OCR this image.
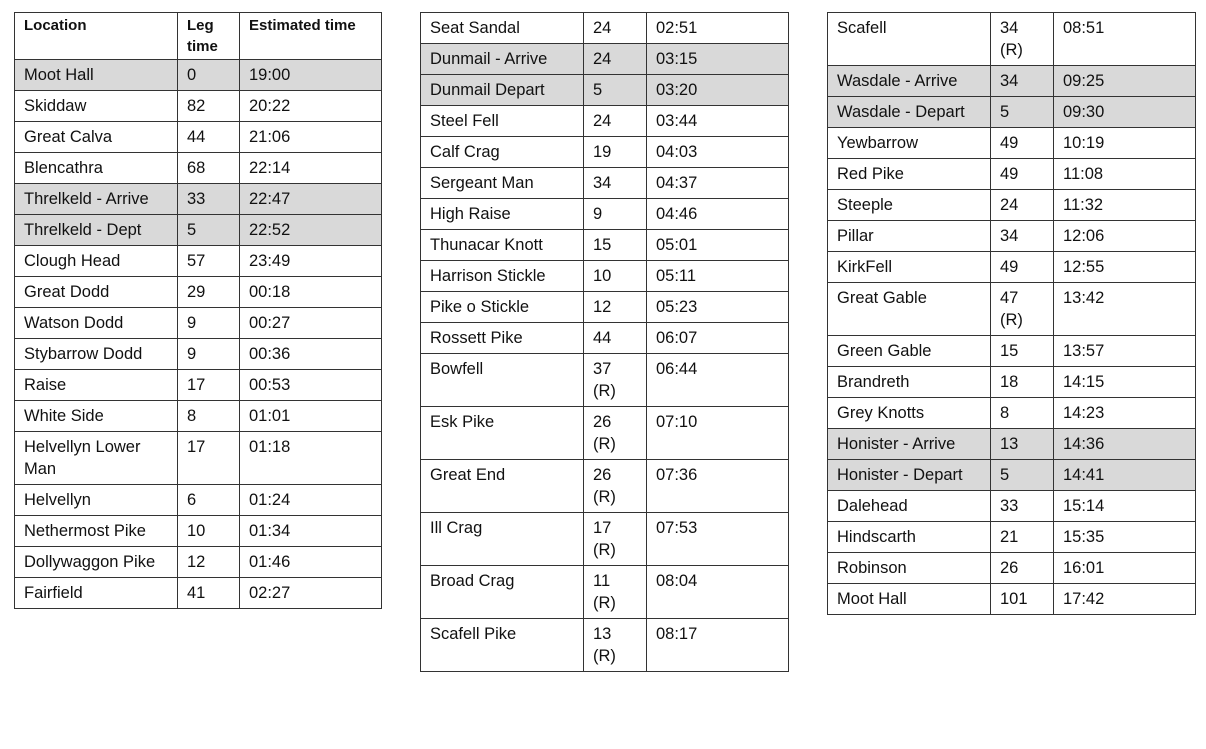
Location	Leg time	Estimated time
Moot Hall	0	19:00
Skiddaw	82	20:22
Great Calva	44	21:06
Blencathra	68	22:14
Threlkeld - Arrive	33	22:47
Threlkeld - Dept	5	22:52
Clough Head	57	23:49
Great Dodd	29	00:18
Watson Dodd	9	00:27
Stybarrow Dodd	9	00:36
Raise	17	00:53
White Side	8	01:01
Helvellyn Lower Man	17	01:18
Helvellyn	6	01:24
Nethermost Pike	10	01:34
Dollywaggon Pike	12	01:46
Fairfield	41	02:27
Seat Sandal	24	02:51
Dunmail - Arrive	24	03:15
Dunmail Depart	5	03:20
Steel Fell	24	03:44
Calf Crag	19	04:03
Sergeant Man	34	04:37
High Raise	9	04:46
Thunacar Knott	15	05:01
Harrison Stickle	10	05:11
Pike o Stickle	12	05:23
Rossett Pike	44	06:07
Bowfell	37 (R)	06:44
Esk Pike	26 (R)	07:10
Great End	26 (R)	07:36
Ill Crag	17 (R)	07:53
Broad Crag	11 (R)	08:04
Scafell Pike	13 (R)	08:17
Scafell	34 (R)	08:51
Wasdale - Arrive	34	09:25
Wasdale - Depart	5	09:30
Yewbarrow	49	10:19
Red Pike	49	11:08
Steeple	24	11:32
Pillar	34	12:06
KirkFell	49	12:55
Great Gable	47 (R)	13:42
Green Gable	15	13:57
Brandreth	18	14:15
Grey Knotts	8	14:23
Honister - Arrive	13	14:36
Honister - Depart	5	14:41
Dalehead	33	15:14
Hindscarth	21	15:35
Robinson	26	16:01
Moot Hall	101	17:42
